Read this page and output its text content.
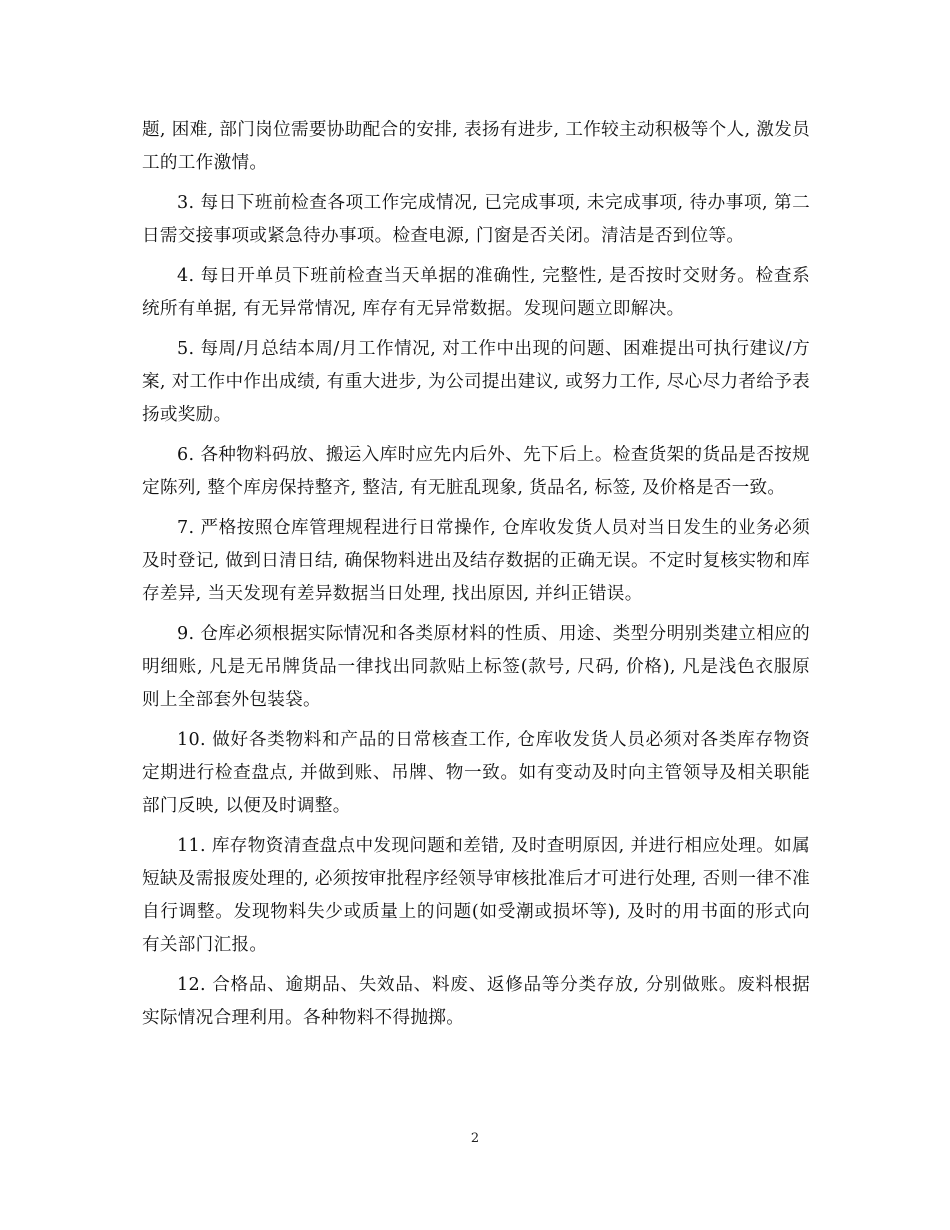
题, 困难, 部门岗位需要协助配合的安排, 表扬有进步, 工作较主动积极等个人, 激发员工的工作激情。

3. 每日下班前检查各项工作完成情况, 已完成事项, 未完成事项, 待办事项, 第二日需交接事项或紧急待办事项。检查电源, 门窗是否关闭。清洁是否到位等。

4. 每日开单员下班前检查当天单据的准确性, 完整性, 是否按时交财务。检查系统所有单据, 有无异常情况, 库存有无异常数据。发现问题立即解决。

5. 每周/月总结本周/月工作情况, 对工作中出现的问题、困难提出可执行建议/方案, 对工作中作出成绩, 有重大进步, 为公司提出建议, 或努力工作, 尽心尽力者给予表扬或奖励。

6. 各种物料码放、搬运入库时应先内后外、先下后上。检查货架的货品是否按规定陈列, 整个库房保持整齐, 整洁, 有无脏乱现象, 货品名, 标签, 及价格是否一致。

7. 严格按照仓库管理规程进行日常操作, 仓库收发货人员对当日发生的业务必须及时登记, 做到日清日结, 确保物料进出及结存数据的正确无误。不定时复核实物和库存差异, 当天发现有差异数据当日处理, 找出原因, 并纠正错误。

9. 仓库必须根据实际情况和各类原材料的性质、用途、类型分明别类建立相应的明细账, 凡是无吊牌货品一律找出同款贴上标签(款号, 尺码, 价格), 凡是浅色衣服原则上全部套外包装袋。

10. 做好各类物料和产品的日常核查工作, 仓库收发货人员必须对各类库存物资定期进行检查盘点, 并做到账、吊牌、物一致。如有变动及时向主管领导及相关职能部门反映, 以便及时调整。

11. 库存物资清查盘点中发现问题和差错, 及时查明原因, 并进行相应处理。如属短缺及需报废处理的, 必须按审批程序经领导审核批准后才可进行处理, 否则一律不准自行调整。发现物料失少或质量上的问题(如受潮或损坏等), 及时的用书面的形式向有关部门汇报。

12. 合格品、逾期品、失效品、料废、返修品等分类存放, 分别做账。废料根据实际情况合理利用。各种物料不得抛掷。

2
